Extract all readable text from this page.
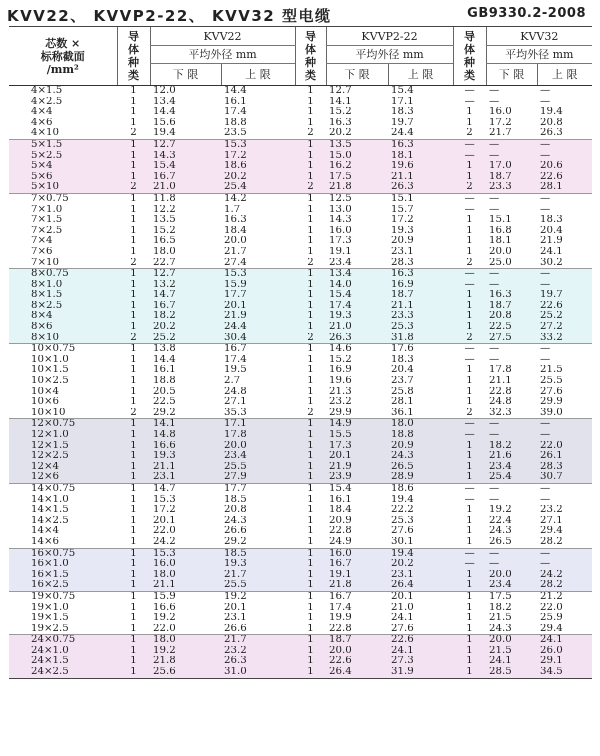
KVV22、 KVVP2-22、 KVV32 型电缆	GB9330.2-2008
芯数 ×
标称截面
/mm²	导体种类	KVV22		导体种类	KVVP2-22		导体种类	KVV32	
		平均外径 mm			平均外径 mm			平均外径 mm	
		下 限	上 限		下 限	上 限		下 限	上 限
4×1.5	1	12.0	14.4	1	12.7	15.4	—	—	—
4×2.5	1	13.4	16.1	1	14.1	17.1	—	—	—
4×4	1	14.4	17.4	1	15.2	18.3	1	16.0	19.4
4×6	1	15.6	18.8	1	16.3	19.7	1	17.2	20.8
4×10	2	19.4	23.5	2	20.2	24.4	2	21.7	26.3
5×1.5	1	12.7	15.3	1	13.5	16.3	—	—	—
5×2.5	1	14.3	17.2	1	15.0	18.1	—	—	—
5×4	1	15.4	18.6	1	16.2	19.6	1	17.0	20.6
5×6	1	16.7	20.2	1	17.5	21.1	1	18.7	22.6
5×10	2	21.0	25.4	2	21.8	26.3	2	23.3	28.1
7×0.75	1	11.8	14.2	1	12.5	15.1	—	—	—
7×1.0	1	12.2	1.7	1	13.0	15.7	—	—	—
7×1.5	1	13.5	16.3	1	14.3	17.2	1	15.1	18.3
7×2.5	1	15.2	18.4	1	16.0	19.3	1	16.8	20.4
7×4	1	16.5	20.0	1	17.3	20.9	1	18.1	21.9
7×6	1	18.0	21.7	1	19.1	23.1	1	20.0	24.1
7×10	2	22.7	27.4	2	23.4	28.3	2	25.0	30.2
8×0.75	1	12.7	15.3	1	13.4	16.3	—	—	—
8×1.0	1	13.2	15.9	1	14.0	16.9	—	—	—
8×1.5	1	14.7	17.7	1	15.4	18.7	1	16.3	19.7
8×2.5	1	16.7	20.1	1	17.4	21.1	1	18.7	22.6
8×4	1	18.2	21.9	1	19.3	23.3	1	20.8	25.2
8×6	1	20.2	24.4	1	21.0	25.3	1	22.5	27.2
8×10	2	25.2	30.4	2	26.3	31.8	2	27.5	33.2
10×0.75	1	13.8	16.7	1	14.6	17.6	—	—	—
10×1.0	1	14.4	17.4	1	15.2	18.3	—	—	—
10×1.5	1	16.1	19.5	1	16.9	20.4	1	17.8	21.5
10×2.5	1	18.8	2.7	1	19.6	23.7	1	21.1	25.5
10×4	1	20.5	24.8	1	21.3	25.8	1	22.8	27.6
10×6	1	22.5	27.1	1	23.2	28.1	1	24.8	29.9
10×10	2	29.2	35.3	2	29.9	36.1	2	32.3	39.0
12×0.75	1	14.1	17.1	1	14.9	18.0	—	—	—
12×1.0	1	14.8	17.8	1	15.5	18.8	—	—	—
12×1.5	1	16.6	20.0	1	17.3	20.9	1	18.2	22.0
12×2.5	1	19.3	23.4	1	20.1	24.3	1	21.6	26.1
12×4	1	21.1	25.5	1	21.9	26.5	1	23.4	28.3
12×6	1	23.1	27.9	1	23.9	28.9	1	25.4	30.7
14×0.75	1	14.7	17.7	1	15.4	18.6	—	—	—
14×1.0	1	15.3	18.5	1	16.1	19.4	—	—	—
14×1.5	1	17.2	20.8	1	18.4	22.2	1	19.2	23.2
14×2.5	1	20.1	24.3	1	20.9	25.3	1	22.4	27.1
14×4	1	22.0	26.6	1	22.8	27.6	1	24.3	29.4
14×6	1	24.2	29.2	1	24.9	30.1	1	26.5	28.2
16×0.75	1	15.3	18.5	1	16.0	19.4	—	—	—
16×1.0	1	16.0	19.3	1	16.7	20.2	—	—	—
16×1.5	1	18.0	21.7	1	19.1	23.1	1	20.0	24.2
16×2.5	1	21.1	25.5	1	21.8	26.4	1	23.4	28.2
19×0.75	1	15.9	19.2	1	16.7	20.1	1	17.5	21.2
19×1.0	1	16.6	20.1	1	17.4	21.0	1	18.2	22.0
19×1.5	1	19.2	23.1	1	19.9	24.1	1	21.5	25.9
19×2.5	1	22.0	26.6	1	22.8	27.6	1	24.3	29.4
24×0.75	1	18.0	21.7	1	18.7	22.6	1	20.0	24.1
24×1.0	1	19.2	23.2	1	20.0	24.1	1	21.5	26.0
24×1.5	1	21.8	26.3	1	22.6	27.3	1	24.1	29.1
24×2.5	1	25.6	31.0	1	26.4	31.9	1	28.5	34.5
